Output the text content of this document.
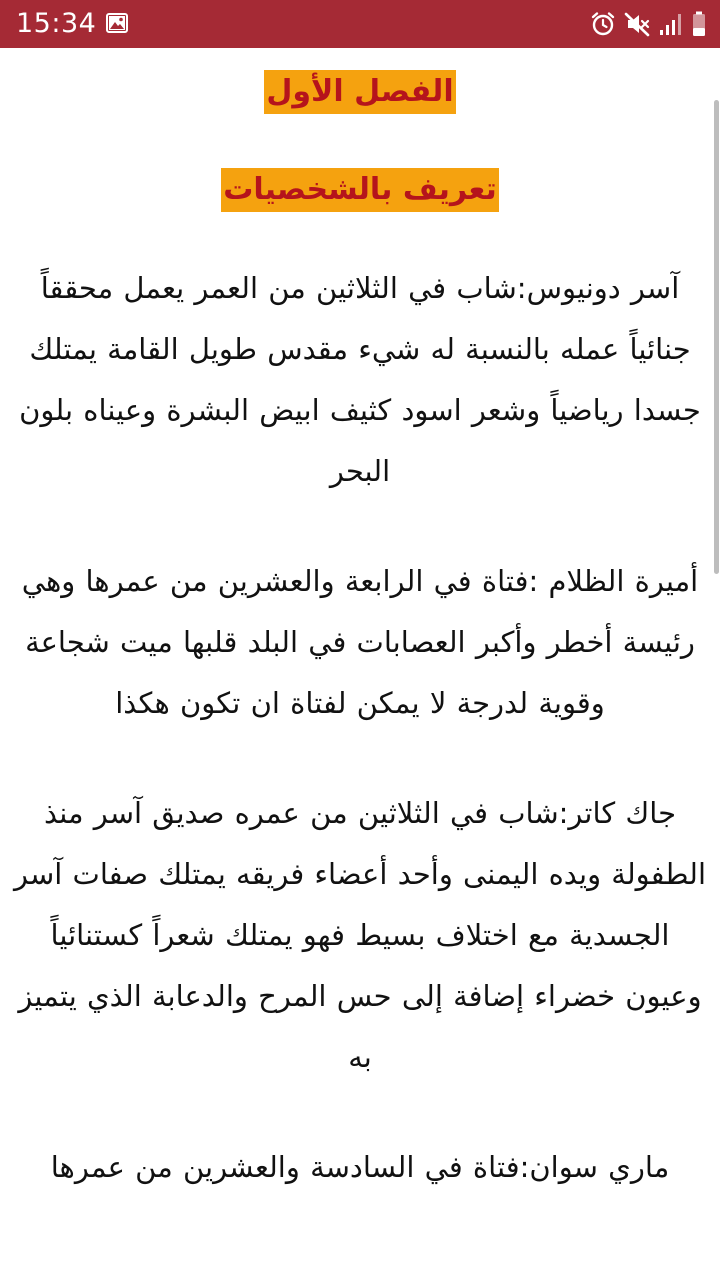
15:34
الفصل الأول
تعريف بالشخصيات

آسر دونيوس:شاب في الثلاثين من العمر يعمل محققاً جنائياً عمله بالنسبة له شيء مقدس طويل القامة يمتلك جسدا رياضياً وشعر اسود كثيف ابيض البشرة وعيناه بلون البحر

أميرة الظلام :فتاة في الرابعة والعشرين من عمرها وهي رئيسة أخطر وأكبر العصابات في البلد قلبها ميت شجاعة وقوية لدرجة لا يمكن لفتاة ان تكون هكذا

جاك كاتر:شاب في الثلاثين من عمره صديق آسر منذ الطفولة ويده اليمنى وأحد أعضاء فريقه يمتلك صفات آسر الجسدية مع اختلاف بسيط فهو يمتلك شعراً كستنائياً وعيون خضراء إضافة إلى حس المرح والدعابة الذي يتميز به

ماري سوان:فتاة في السادسة والعشرين من عمرها
